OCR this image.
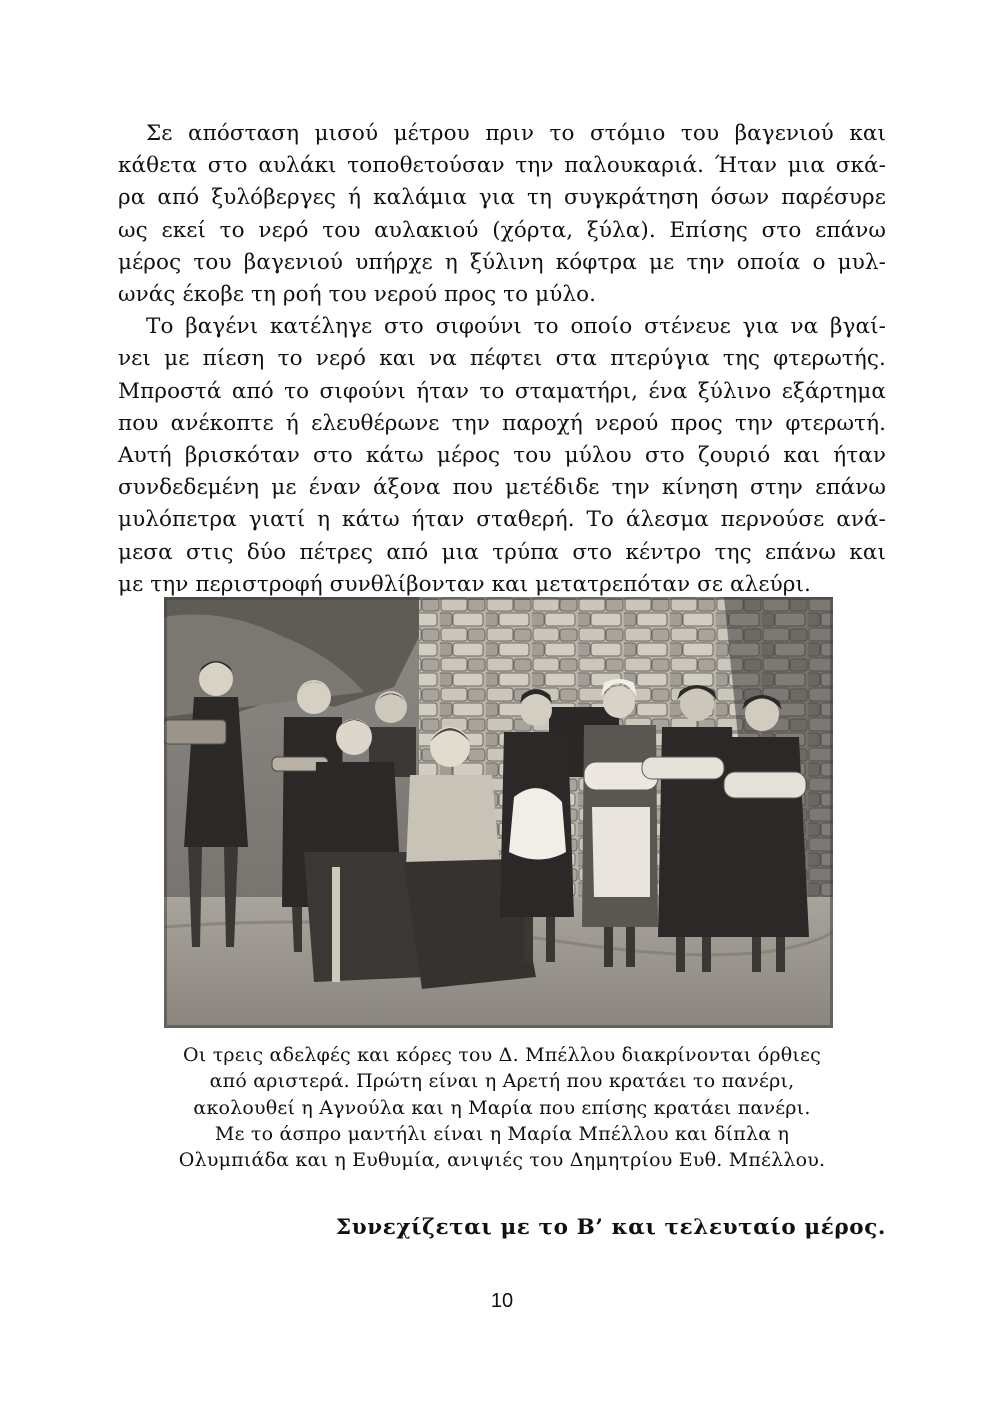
Σε απόσταση μισού μέτρου πριν το στόμιο του βαγενιού και
κάθετα στο αυλάκι τοποθετούσαν την παλουκαριά. Ήταν μια σκά-
ρα από ξυλόβεργες ή καλάμια για τη συγκράτηση όσων παρέσυρε
ως εκεί το νερό του αυλακιού (χόρτα, ξύλα). Επίσης στο επάνω
μέρος του βαγενιού υπήρχε η ξύλινη κόφτρα με την οποία ο μυλ-
ωνάς έκοβε τη ροή του νερού προς το μύλο.

Το βαγένι κατέληγε στο σιφούνι το οποίο στένευε για να βγαί-
νει με πίεση το νερό και να πέφτει στα πτερύγια της φτερωτής.
Μπροστά από το σιφούνι ήταν το σταματήρι, ένα ξύλινο εξάρτημα
που ανέκοπτε ή ελευθέρωνε την παροχή νερού προς την φτερωτή.
Αυτή βρισκόταν στο κάτω μέρος του μύλου στο ζουριό και ήταν
συνδεδεμένη με έναν άξονα που μετέδιδε την κίνηση στην επάνω
μυλόπετρα γιατί η κάτω ήταν σταθερή. Το άλεσμα περνούσε ανά-
μεσα στις δύο πέτρες από μια τρύπα στο κέντρο της επάνω και
με την περιστροφή συνθλίβονταν και μετατρεπόταν σε αλεύρι.

Οι τρεις αδελφές και κόρες του Δ. Μπέλλου διακρίνονται όρθιες
από αριστερά. Πρώτη είναι η Αρετή που κρατάει το πανέρι,
ακολουθεί η Αγνούλα και η Μαρία που επίσης κρατάει πανέρι.
Με το άσπρο μαντήλι είναι η Μαρία Μπέλλου και δίπλα η
Ολυμπιάδα και η Ευθυμία, ανιψιές του Δημητρίου Ευθ. Μπέλλου.
Συνεχίζεται με το Β’ και τελευταίο μέρος.
10
